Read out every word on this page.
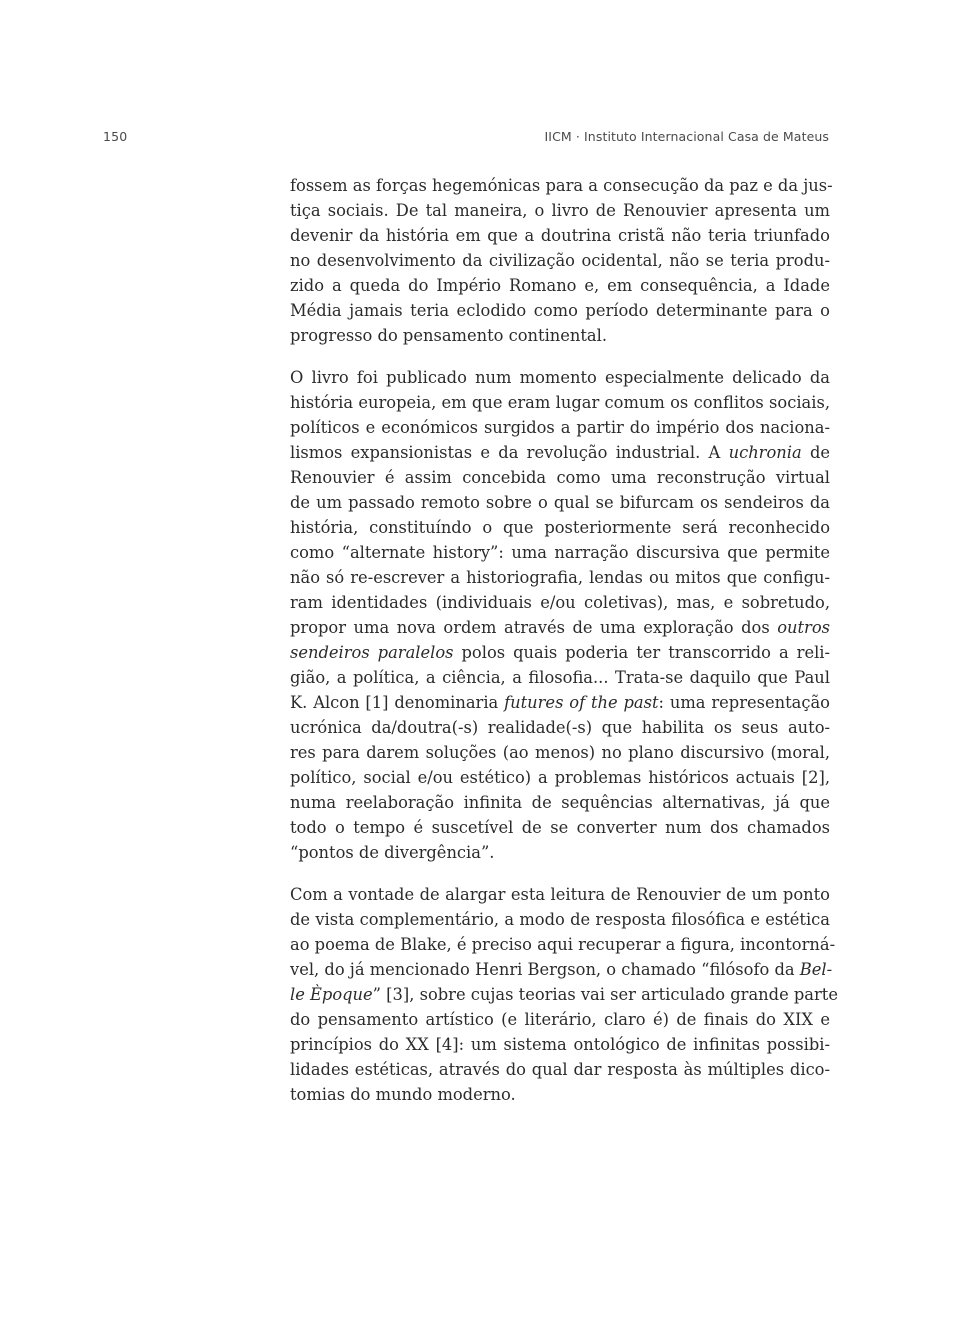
150	IICM · Instituto Internacional Casa de Mateus
fossem as forças hegemónicas para a consecução da paz e da jus-
tiça sociais. De tal maneira, o livro de Renouvier apresenta um
devenir da história em que a doutrina cristã não teria triunfado
no desenvolvimento da civilização ocidental, não se teria produ-
zido a queda do Império Romano e, em consequência, a Idade
Média jamais teria eclodido como período determinante para o
progresso do pensamento continental.
O livro foi publicado num momento especialmente delicado da
história europeia, em que eram lugar comum os conflitos sociais,
políticos e económicos surgidos a partir do império dos naciona-
lismos expansionistas e da revolução industrial. A uchronia de
Renouvier é assim concebida como uma reconstrução virtual
de um passado remoto sobre o qual se bifurcam os sendeiros da
história, constituíndo o que posteriormente será reconhecido
como “alternate history”: uma narração discursiva que permite
não só re-escrever a historiografia, lendas ou mitos que configu-
ram identidades (individuais e/ou coletivas), mas, e sobretudo,
propor uma nova ordem através de uma exploração dos outros
sendeiros paralelos polos quais poderia ter transcorrido a reli-
gião, a política, a ciência, a filosofia... Trata-se daquilo que Paul
K. Alcon [1] denominaria futures of the past: uma representação
ucrónica da/doutra(-s) realidade(-s) que habilita os seus auto-
res para darem soluções (ao menos) no plano discursivo (moral,
político, social e/ou estético) a problemas históricos actuais [2],
numa reelaboração infinita de sequências alternativas, já que
todo o tempo é suscetível de se converter num dos chamados
“pontos de divergência”.
Com a vontade de alargar esta leitura de Renouvier de um ponto
de vista complementário, a modo de resposta filosófica e estética
ao poema de Blake, é preciso aqui recuperar a figura, incontorná-
vel, do já mencionado Henri Bergson, o chamado “filósofo da Bel-
le Èpoque” [3], sobre cujas teorias vai ser articulado grande parte
do pensamento artístico (e literário, claro é) de finais do XIX e
princípios do XX [4]: um sistema ontológico de infinitas possibi-
lidades estéticas, através do qual dar resposta às múltiples dico-
tomias do mundo moderno.
